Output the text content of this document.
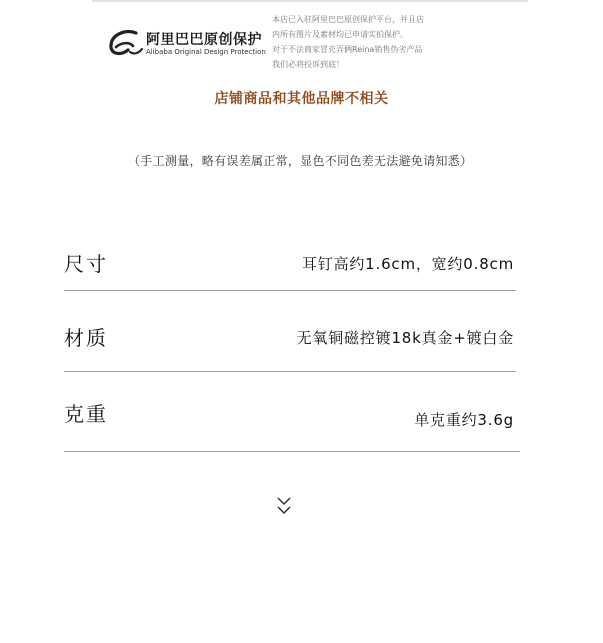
阿里巴巴原创保护
Alibaba Original Design Protection
本店已入驻阿里巴巴原创保护平台，并且店
内所有图片及素材均已申请实拍保护。
对于不法商家冒充弄俩Reina销售伪劣产品
我们必将投诉到底！
店铺商品和其他品牌不相关
（手工测量，略有误差属正常，显色不同色差无法避免请知悉）
尺寸	耳钉高约1.6cm，宽约0.8cm
材质	无氧铜磁控镀18k真金+镀白金
克重	单克重约3.6g
